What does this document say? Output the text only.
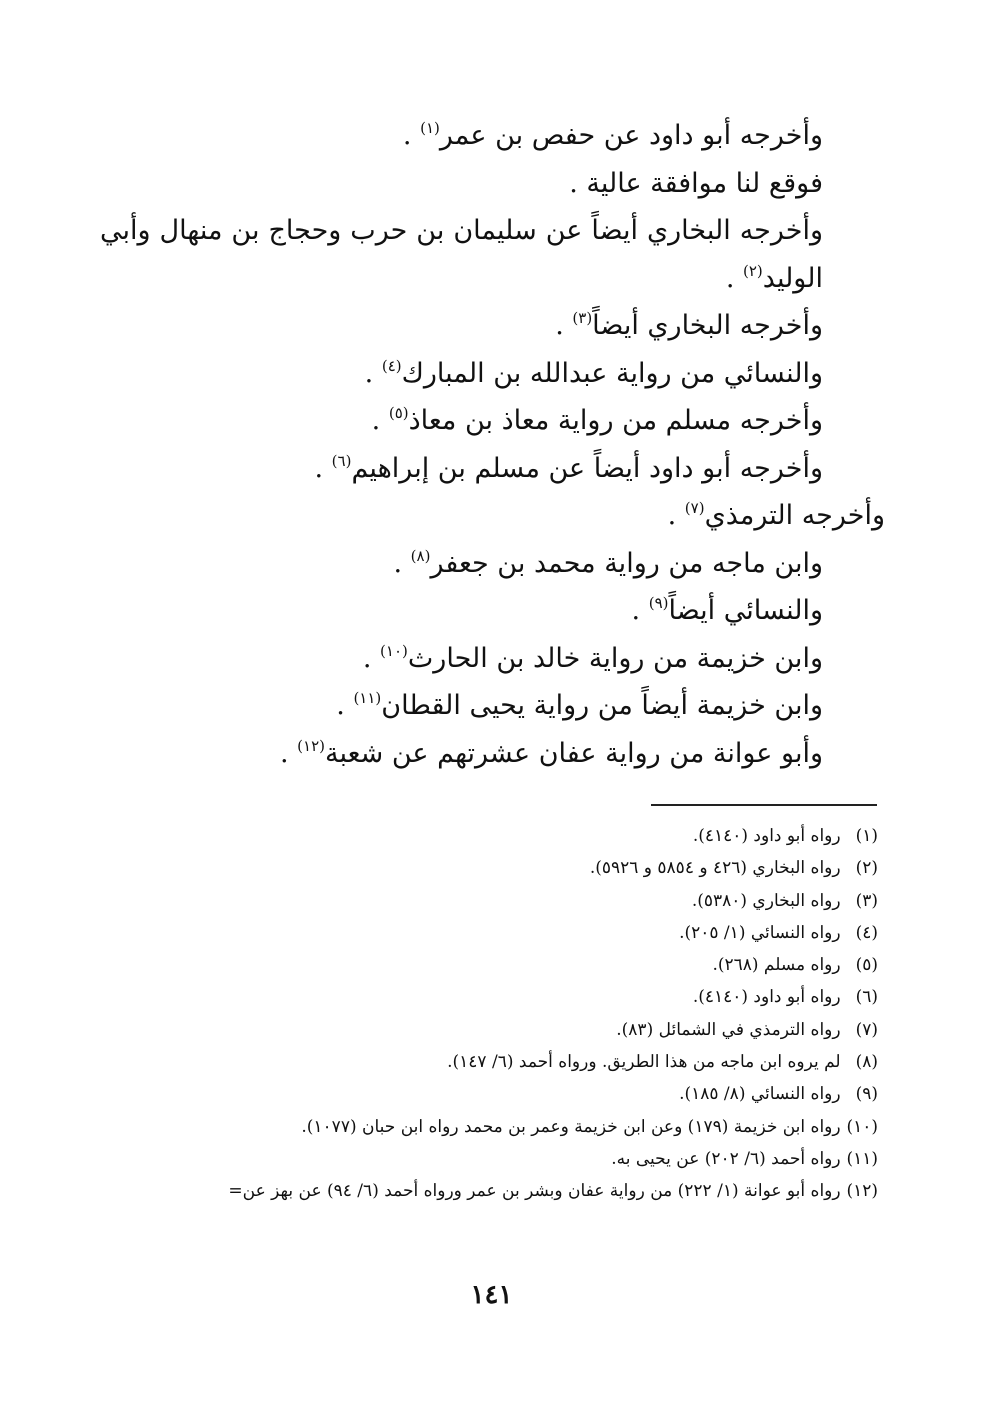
وأخرجه أبو داود عن حفص بن عمر$^{(١)}$ .
فوقع لنا موافقة عالية .
وأخرجه البخاري أيضاً عن سليمان بن حرب وحجاج بن منهال وأبي الوليد$^{(٢)}$ .
وأخرجه البخاري أيضاً$^{(٣)}$ .
والنسائي من رواية عبدالله بن المبارك$^{(٤)}$ .
وأخرجه مسلم من رواية معاذ بن معاذ$^{(٥)}$ .
وأخرجه أبو داود أيضاً عن مسلم بن إبراهيم$^{(٦)}$ .
وأخرجه الترمذي$^{(٧)}$ .
وابن ماجه من رواية محمد بن جعفر$^{(٨)}$ .
والنسائي أيضاً$^{(٩)}$ .
وابن خزيمة من رواية خالد بن الحارث$^{(١٠)}$ .
وابن خزيمة أيضاً من رواية يحيى القطان$^{(١١)}$ .
وأبو عوانة من رواية عفان عشرتهم عن شعبة$^{(١٢)}$ .
(١) رواه أبو داود (٤١٤٠).
(٢) رواه البخاري (٤٢٦ و ٥٨٥٤ و ٥٩٢٦).
(٣) رواه البخاري (٥٣٨٠).
(٤) رواه النسائي (١/ ٢٠٥).
(٥) رواه مسلم (٢٦٨).
(٦) رواه أبو داود (٤١٤٠).
(٧) رواه الترمذي في الشمائل (٨٣).
(٨) لم يروه ابن ماجه من هذا الطريق. ورواه أحمد (٦/ ١٤٧).
(٩) رواه النسائي (٨/ ١٨٥).
(١٠) رواه ابن خزيمة (١٧٩) وعن ابن خزيمة وعمر بن محمد رواه ابن حبان (١٠٧٧).
(١١) رواه أحمد (٦/ ٢٠٢) عن يحيى به.
(١٢) رواه أبو عوانة (١/ ٢٢٢) من رواية عفان وبشر بن عمر ورواه أحمد (٦/ ٩٤) عن بهز عن=
١٤١
